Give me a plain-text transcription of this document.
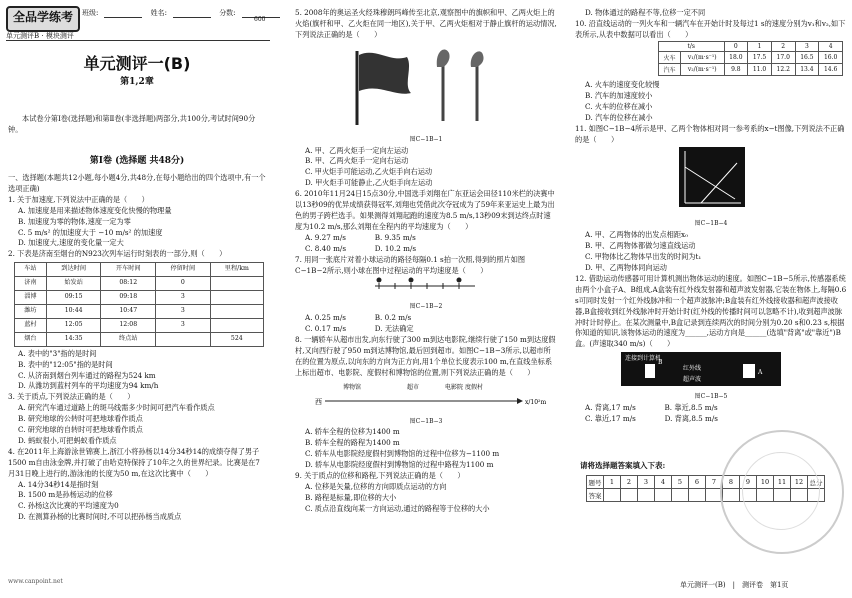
全品学练考	班级:	姓名:	分数:
600
单元测评B · 模块测评
单元测评一(B)
第1,2章
本试卷分第Ⅰ卷(选择题)和第Ⅱ卷(非选择题)两部分,共100分,考试时间90分钟。
第Ⅰ卷 (选择题 共48分)
一、选择题(本题共12小题,每小题4分,共48分,在每小题给出的四个选项中,有一个选项正确)
1. 关于加速度,下列说法中正确的是（　　）
A. 加速度是用来描述物体速度变化快慢的物理量
B. 加速度为零的物体,速度一定为零
C. 5 m/s² 的加速度大于 −10 m/s² 的加速度
D. 加速度大,速度的变化量一定大
2. 下表是济南至烟台的N923次列车运行时刻表的一部分,则（　　）
车站	到达时间	开车时间	停留时间	里程/km
济南	始发站	08:12	0	
淄博	09:15	09:18	3	
潍坊	10:44	10:47	3	
蓝村	12:05	12:08	3	
烟台	14:35	终点站		524
A. 表中的"3"指的是时间
B. 表中的"12:05"指的是时间
C. 从济南到烟台列车通过的路程为524 km
D. 从潍坊到蓝村列车的平均速度为94 km/h
3. 关于质点,下列说法正确的是（　　）
A. 研究汽车通过道路上的斑马线需多少时间可把汽车看作质点
B. 研究地球的公转时可把地球看作质点
C. 研究地球的自转时可把地球看作质点
D. 蚂蚁很小,可把蚂蚁看作质点
4. 在2011年上海游泳世锦赛上,浙江小将孙杨以14分34秒14的成绩夺得了男子1500 m自由泳金牌,并打破了由哈克特保持了10年之久的世界纪录。比赛是在7月31日晚上进行的,游泳池的长度为50 m,在这次比赛中（　　）
A. 14分34秒14是指时刻
B. 1500 m是孙杨运动的位移
C. 孙杨这次比赛的平均速度为0
D. 在测算孙杨的比赛时间时,不可以把孙杨当成质点
5. 2008年的奥运圣火经珠穆朗玛峰传至北京,观察图中的旗帜和甲、乙两火炬上的火焰(旗杆和甲、乙火炬在同一地区),关于甲、乙两火炬相对于静止旗杆的运动情况,下列说法正确的是（　　）
图C−1B−1
A. 甲、乙两火炬手一定向左运动
B. 甲、乙两火炬手一定向右运动
C. 甲火炬手可能运动,乙火炬手向右运动
D. 甲火炬手可能静止,乙火炬手向左运动
6. 2010年11月24日15点30分,中国选手刘翔在广东亚运会田径110米栏的决赛中以13秒09的优异成绩获得冠军,刘翔也凭借此次夺冠成为了59年来亚运史上最为出色的男子跨栏选手。如果测得刘翔起跑的速度为8.5 m/s,13秒09末到达终点时速度为10.2 m/s,那么刘翔在全程内的平均速度为（　　）
A. 9.27 m/s　　　　B. 9.35 m/s
C. 8.40 m/s　　　　D. 10.2 m/s
7. 用同一张底片对着小球运动的路径每隔0.1 s拍一次照,得到的照片如图C−1B−2所示,则小球在图中过程运动的平均速度是（　　）
图C−1B−2
A. 0.25 m/s　　　　B. 0.2 m/s
C. 0.17 m/s　　　　D. 无法确定
8. 一辆轿车从超市出发,向东行驶了300 m到达电影院,继续行驶了150 m到达度假村,又向西行驶了950 m到达博物馆,最后回到超市。如图C−1B−3所示,以超市所在的位置为原点,以向东的方向为正方向,用1个单位长度表示100 m,在直线坐标系上标出超市、电影院、度假村和博物馆的位置,则下列说法正确的是（　　）
西	x/10²m
博物馆	超市	电影院 度假村
图C−1B−3
A. 轿车全程的位移为1400 m
B. 轿车全程的路程为1400 m
C. 轿车从电影院经度假村到博物馆的过程中位移为−1100 m
D. 轿车从电影院经度假村到博物馆的过程中路程为1100 m
9. 关于质点的位移和路程,下列说法正确的是（　　）
A. 位移是矢量,位移的方向即质点运动的方向
B. 路程是标量,即位移的大小
C. 质点沿直线向某一方向运动,通过的路程等于位移的大小
D. 物体通过的路程不等,位移一定不同
10. 沿直线运动的一列火车和一辆汽车在开始计时及每过1 s的速度分别为v₁和v₂,如下表所示,从表中数据可以看出（　　）
t/s		0	1	2	3	4
火车	v₁/(m·s⁻¹)	18.0	17.5	17.0	16.5	16.0
汽车	v₂/(m·s⁻¹)	9.8	11.0	12.2	13.4	14.6
A. 火车的速度变化较慢
B. 汽车的加速度较小
C. 火车的位移在减小
D. 汽车的位移在减小
11. 如图C−1B−4所示是甲、乙两个物体相对同一参考系的x−t图像,下列说法不正确的是（　　）
图C−1B−4
A. 甲、乙两物体的出发点相距x₀
B. 甲、乙两物体都做匀速直线运动
C. 甲物体比乙物体早出发的时间为t₁
D. 甲、乙两物体同向运动
12. 借助运动传感器可用计算机测出物体运动的速度。如图C−1B−5所示,传感器系统由两个小盒子A、B组成,A盒装有红外线发射器和超声波发射器,它装在物体上,每隔0.6 s可同时发射一个红外线脉冲和一个超声波脉冲;B盒装有红外线接收器和超声波接收器,B盒接收到红外线脉冲时开始计时(红外线的传播时间可以忽略不计),收到超声波脉冲时计时停止。在某次测量中,B盒记录到连续两次的时间分别为0.20 s和0.23 s,根据你知道的知识,该物体运动的速度为______,运动方向是______(选填"背离"或"靠近")B盒。(声速取340 m/s)（　　）
连接到计算机
红外线
超声波
B
A
图C−1B−5
A. 背离,17 m/s　　　　B. 靠近,8.5 m/s
C. 靠近,17 m/s　　　　D. 背离,8.5 m/s
请将选择题答案填入下表:
题号	1	2	3	4	5	6	7	8	9	10	11	12	总分
答案													
www.canpoint.net	单元测评一(B)　|　测评卷　第1页
